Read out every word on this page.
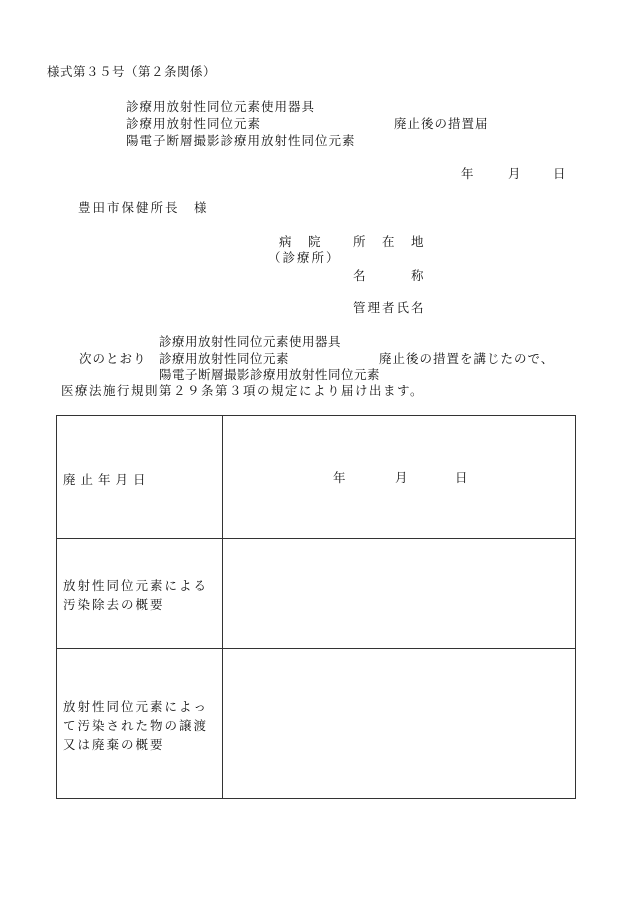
様式第３５号（第２条関係）
診療用放射性同位元素使用器具
診療用放射性同位元素
陽電子断層撮影診療用放射性同位元素
廃止後の措置届
年	月	日
豊田市保健所長　様
病　院
（診療所）
所　在　地
名　　　称
管理者氏名
診療用放射性同位元素使用器具
次のとおり 診療用放射性同位元素	廃止後の措置を講じたので、
陽電子断層撮影診療用放射性同位元素
医療法施行規則第２９条第３項の規定により届け出ます。
廃止年月日	年	月	日
放射性同位元素による
汚染除去の概要
放射性同位元素によっ
て汚染された物の譲渡
又は廃棄の概要
